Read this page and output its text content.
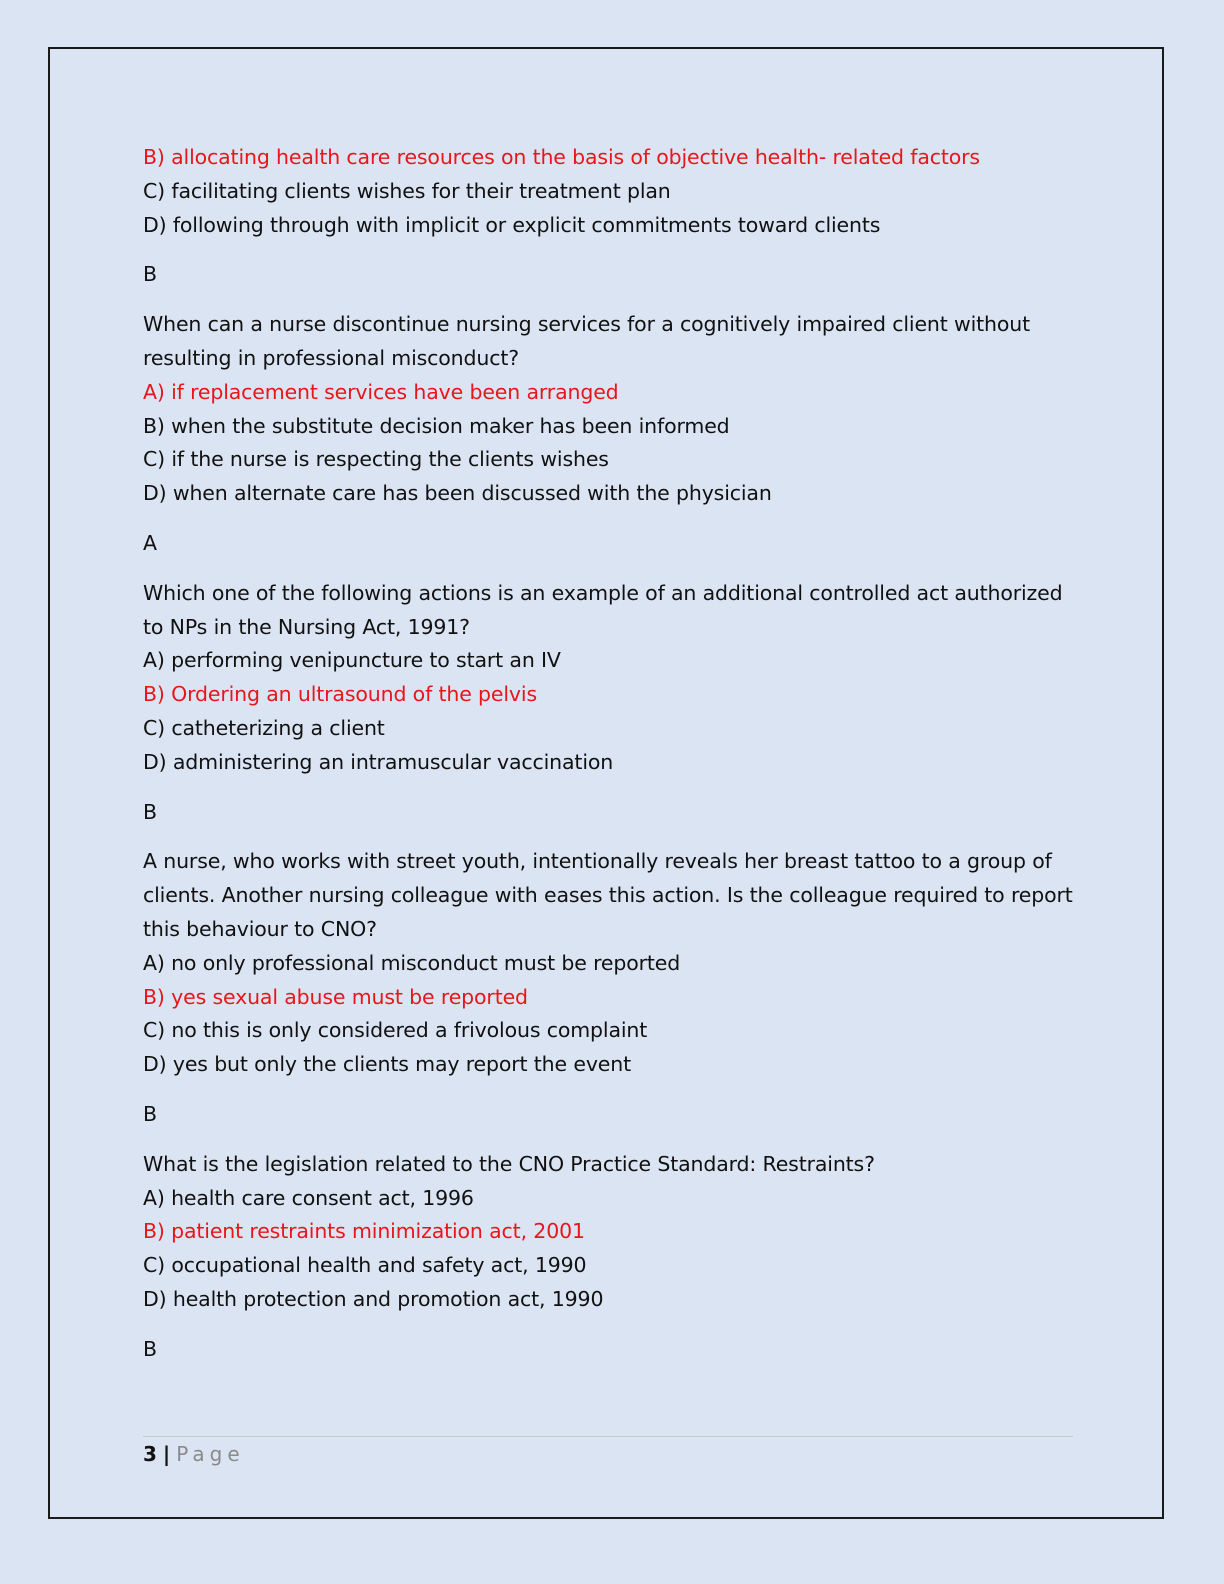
B) allocating health care resources on the basis of objective health- related factors
C) facilitating clients wishes for their treatment plan
D) following through with implicit or explicit commitments toward clients
B
When can a nurse discontinue nursing services for a cognitively impaired client without resulting in professional misconduct?
A) if replacement services have been arranged
B) when the substitute decision maker has been informed
C) if the nurse is respecting the clients wishes
D) when alternate care has been discussed with the physician
A
Which one of the following actions is an example of an additional controlled act authorized to NPs in the Nursing Act, 1991?
A) performing venipuncture to start an IV
B) Ordering an ultrasound of the pelvis
C) catheterizing a client
D) administering an intramuscular vaccination
B
A nurse, who works with street youth, intentionally reveals her breast tattoo to a group of clients. Another nursing colleague with eases this action. Is the colleague required to report this behaviour to CNO?
A) no only professional misconduct must be reported
B) yes sexual abuse must be reported
C) no this is only considered a frivolous complaint
D) yes but only the clients may report the event
B
What is the legislation related to the CNO Practice Standard: Restraints?
A) health care consent act, 1996
B) patient restraints minimization act, 2001
C) occupational health and safety act, 1990
D) health protection and promotion act, 1990
B
3 | Page
